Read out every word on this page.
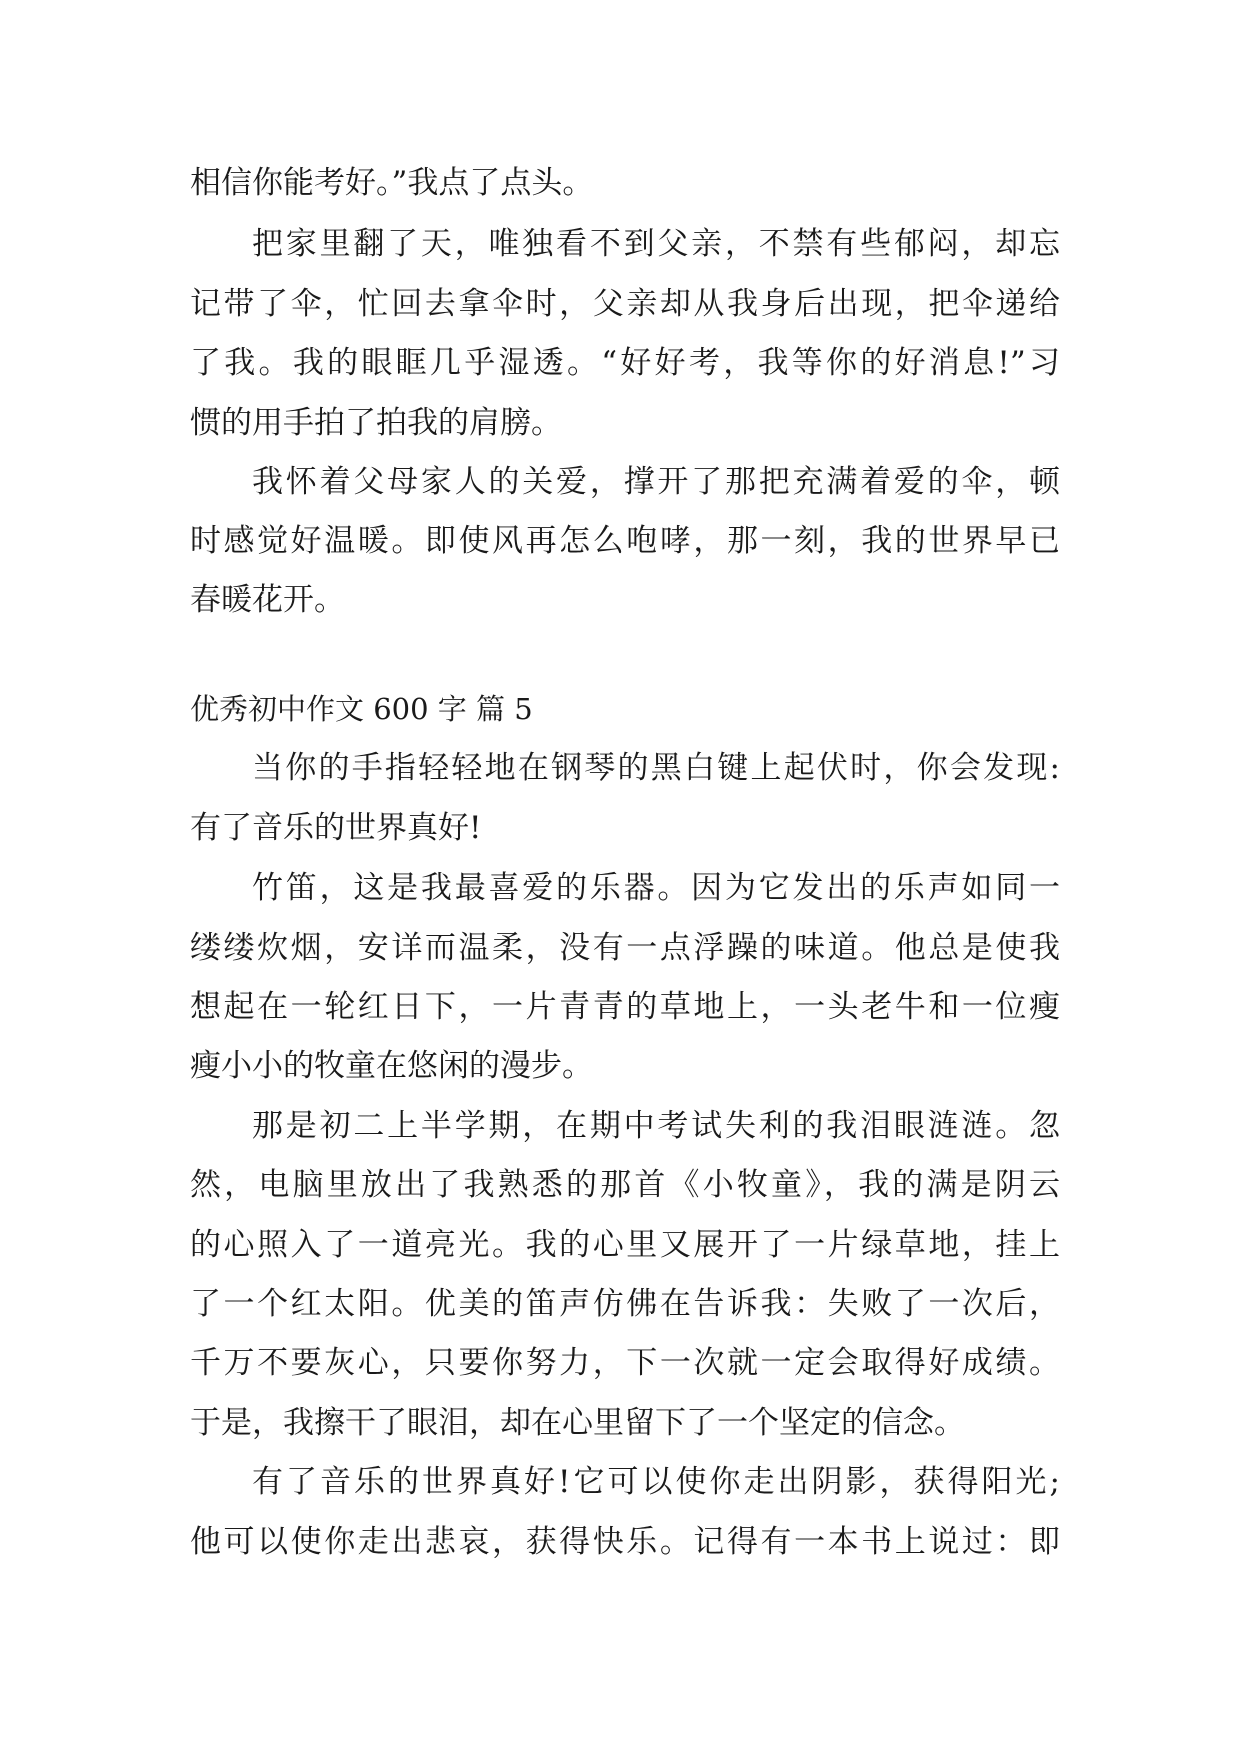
相信你能考好。”我点了点头。
把家里翻了天，唯独看不到父亲，不禁有些郁闷，却忘
记带了伞，忙回去拿伞时，父亲却从我身后出现，把伞递给
了我。我的眼眶几乎湿透。“好好考，我等你的好消息!”习
惯的用手拍了拍我的肩膀。
我怀着父母家人的关爱，撑开了那把充满着爱的伞，顿
时感觉好温暖。即使风再怎么咆哮，那一刻，我的世界早已
春暖花开。
优秀初中作文 600 字 篇 5
当你的手指轻轻地在钢琴的黑白键上起伏时，你会发现:
有了音乐的世界真好!
竹笛，这是我最喜爱的乐器。因为它发出的乐声如同一
缕缕炊烟，安详而温柔，没有一点浮躁的味道。他总是使我
想起在一轮红日下，一片青青的草地上，一头老牛和一位瘦
瘦小小的牧童在悠闲的漫步。
那是初二上半学期，在期中考试失利的我泪眼涟涟。忽
然，电脑里放出了我熟悉的那首《小牧童》，我的满是阴云
的心照入了一道亮光。我的心里又展开了一片绿草地，挂上
了一个红太阳。优美的笛声仿佛在告诉我：失败了一次后，
千万不要灰心，只要你努力，下一次就一定会取得好成绩。
于是，我擦干了眼泪，却在心里留下了一个坚定的信念。
有了音乐的世界真好!它可以使你走出阴影，获得阳光;
他可以使你走出悲哀，获得快乐。记得有一本书上说过：即
